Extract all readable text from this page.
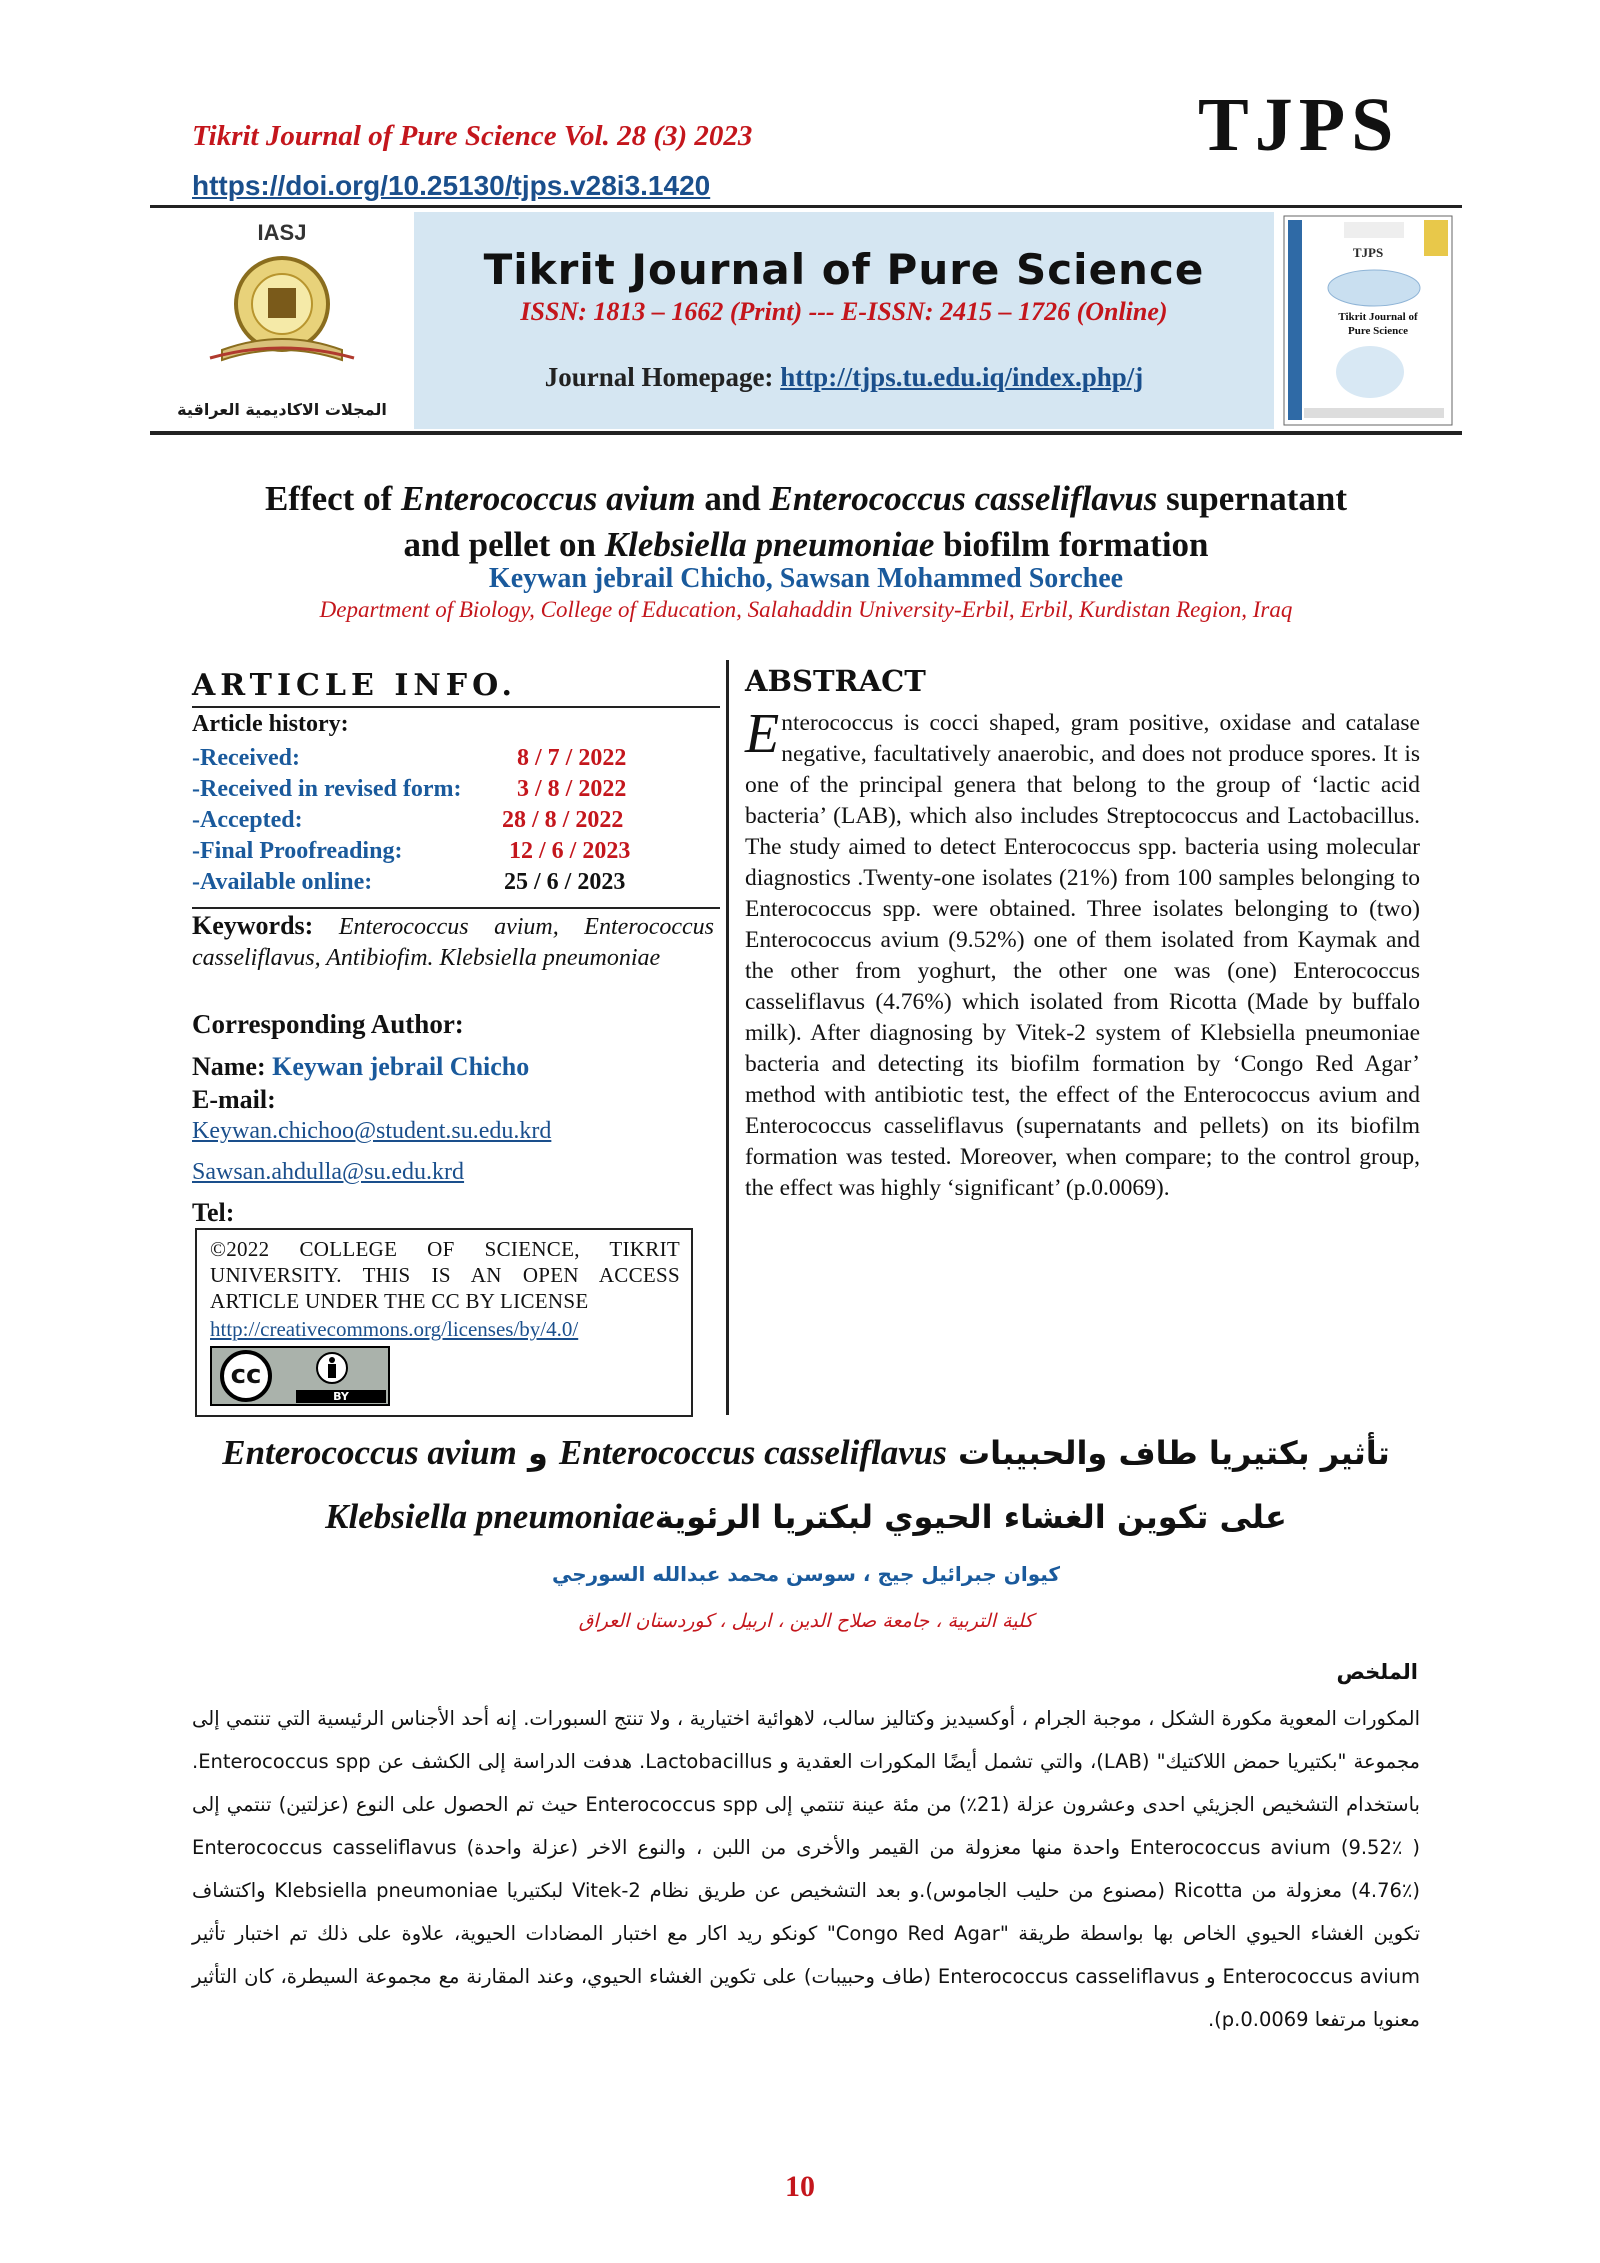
Tikrit Journal of Pure Science Vol. 28 (3) 2023
https://doi.org/10.25130/tjps.v28i3.1420
TJPS
IASJ
المجلات الاكاديمية العراقية
Tikrit Journal of Pure Science
ISSN: 1813 – 1662 (Print) --- E-ISSN: 2415 – 1726 (Online)
Journal Homepage: http://tjps.tu.edu.iq/index.php/j
TJPS
Tikrit Journal of Pure Science
Effect of Enterococcus avium and Enterococcus casseliflavus supernatant
and pellet on Klebsiella pneumoniae biofilm formation
Keywan jebrail Chicho, Sawsan Mohammed Sorchee
Department of Biology, College of Education, Salahaddin University-Erbil, Erbil, Kurdistan Region, Iraq
ARTICLE INFO.
Article history:
-Received:	8 / 7 / 2022
-Received in revised form: 3 / 8 / 2022
-Accepted:	28 / 8 / 2022
-Final Proofreading:	12 / 6 / 2023
-Available online:	25 / 6 / 2023
Keywords: Enterococcus avium, Enterococcus casseliflavus, Antibiofim. Klebsiella pneumoniae
Corresponding Author:
Name: Keywan jebrail Chicho
E-mail:
Keywan.chichoo@student.su.edu.krd
Sawsan.ahdulla@su.edu.krd
Tel:
©2022 COLLEGE OF SCIENCE, TIKRIT UNIVERSITY. THIS IS AN OPEN ACCESS ARTICLE UNDER THE CC BY LICENSE
http://creativecommons.org/licenses/by/4.0/
cc
BY
ABSTRACT
Enterococcus is cocci shaped, gram positive, oxidase and catalase negative, facultatively anaerobic, and does not produce spores. It is one of the principal genera that belong to the group of ‘lactic acid bacteria’ (LAB), which also includes Streptococcus and Lactobacillus. The study aimed to detect Enterococcus spp. bacteria using molecular diagnostics .Twenty-one isolates (21%) from 100 samples belonging to Enterococcus spp. were obtained. Three isolates belonging to (two) Enterococcus avium (9.52%) one of them isolated from Kaymak and the other from yoghurt, the other one was (one) Enterococcus casseliflavus (4.76%) which isolated from Ricotta (Made by buffalo milk). After diagnosing by Vitek-2 system of Klebsiella pneumoniae bacteria and detecting its biofilm formation by ‘Congo Red Agar’ method with antibiotic test, the effect of the Enterococcus avium and Enterococcus casseliflavus (supernatants and pellets) on its biofilm formation was tested. Moreover, when compare; to the control group, the effect was highly ‘significant’ (p.0.0069).
تأثير بكتيريا طاف والحبيبات Enterococcus casseliflavus و Enterococcus avium
على تكوين الغشاء الحيوي لبكتريا الرئويةKlebsiella pneumoniae
كيوان جبرائيل جيج ، سوسن محمد عبدالله السورجي
كلية التربية ، جامعة صلاح الدين ، اربيل ، كوردستان العراق
الملخص
المكورات المعوية مكورة الشكل ، موجبة الجرام ، أوكسيديز وكتاليز سالب، لاهوائية اختيارية ، ولا تنتج السبورات. إنه أحد الأجناس الرئيسية التي تنتمي إلى مجموعة "بكتيريا حمض اللاكتيك" (LAB)، والتي تشمل أيضًا المكورات العقدية و Lactobacillus. هدفت الدراسة إلى الكشف عن Enterococcus spp. باستخدام التشخيص الجزيئي احدى وعشرون عزلة (21٪) من مئة عينة تنتمي إلى Enterococcus spp حيث تم الحصول على النوع (عزلتين) تنتمي إلى Enterococcus avium (9.52٪ ) واحدة منها معزولة من القيمر والأخرى من اللبن ، والنوع الاخر (عزلة واحدة) Enterococcus casseliflavus (4.76٪) معزولة من Ricotta (مصنوع من حليب الجاموس).و بعد التشخيص عن طريق نظام Vitek-2 لبكتيريا Klebsiella pneumoniae واكتشاف تكوين الغشاء الحيوي الخاص بها بواسطة طريقة "Congo Red Agar" كونكو ريد اكار مع اختبار المضادات الحيوية، علاوة على ذلك تم اختبار تأثير Enterococcus avium و Enterococcus casseliflavus (طاف وحبيبات) على تكوين الغشاء الحيوي، وعند المقارنة مع مجموعة السيطرة، كان التأثير معنويا مرتفعا p.0.0069).
10
